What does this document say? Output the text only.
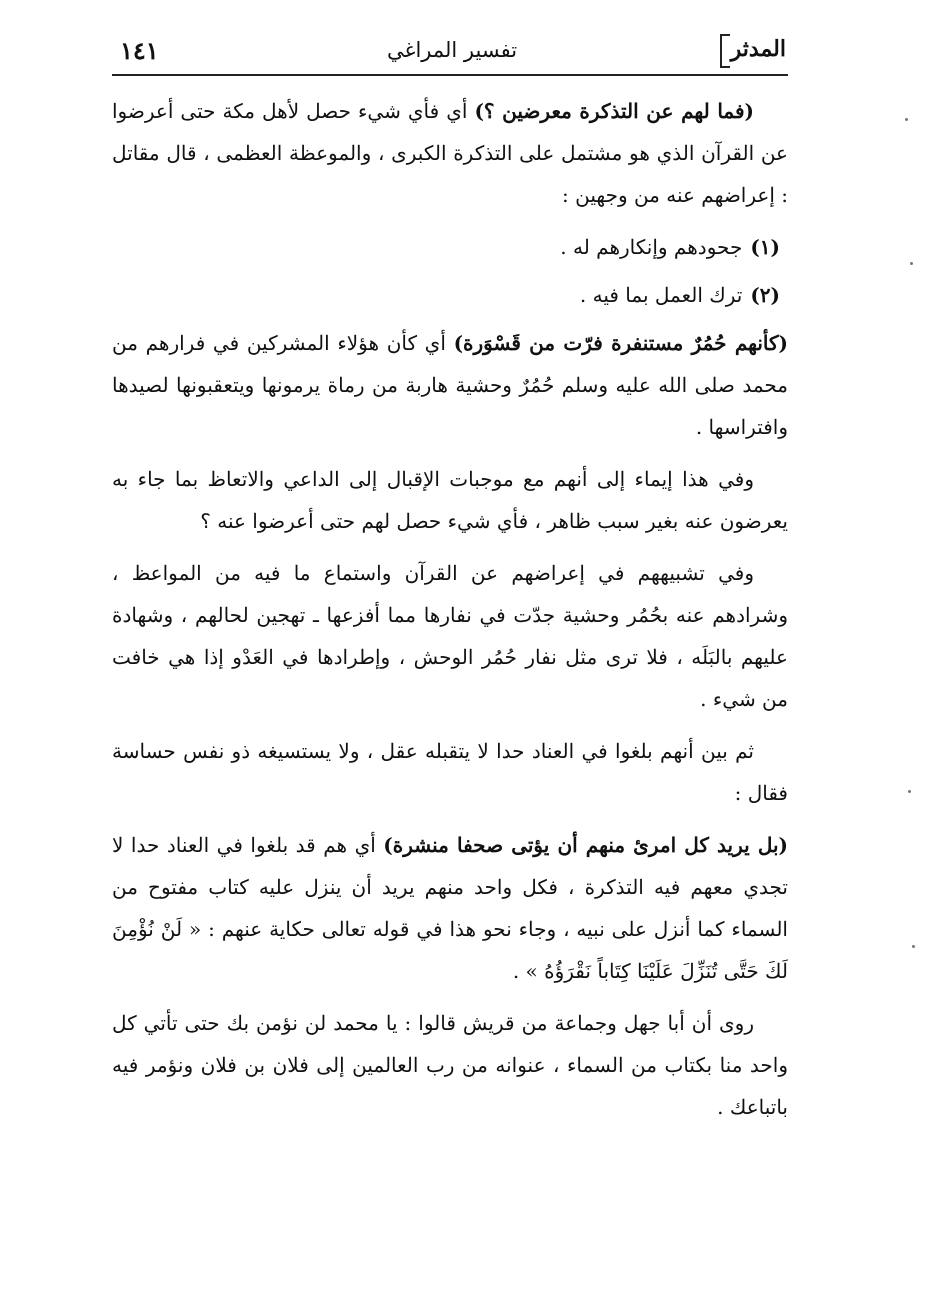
١٤١	تفسير المراغي	المدثر

(فما لهم عن التذكرة معرضين ؟) أي فأي شيء حصل لأهل مكة حتى أعرضوا عن القرآن الذي هو مشتمل على التذكرة الكبرى ، والموعظة العظمى ، قال مقاتل : إعراضهم عنه من وجهين :

(١)جحودهم وإنكارهم له .

(٢)ترك العمل بما فيه .

(كأنهم حُمُرٌ مستنفرة فرّت من قَسْوَرة) أي كأن هؤلاء المشركين في فرارهم من محمد صلى الله عليه وسلم حُمُرٌ وحشية هاربة من رماة يرمونها ويتعقبونها لصيدها وافتراسها .

وفي هذا إيماء إلى أنهم مع موجبات الإقبال إلى الداعي والاتعاظ بما جاء به يعرضون عنه بغير سبب ظاهر ، فأي شيء حصل لهم حتى أعرضوا عنه ؟

وفي تشبيههم في إعراضهم عن القرآن واستماع ما فيه من المواعظ ، وشرادهم عنه بحُمُر وحشية جدّت في نفارها مما أفزعها ـ تهجين لحالهم ، وشهادة عليهم بالبَلَه ، فلا ترى مثل نفار حُمُر الوحش ، وإطرادها في العَدْو إذا هي خافت من شيء .

ثم بين أنهم بلغوا في العناد حدا لا يتقبله عقل ، ولا يستسيغه ذو نفس حساسة فقال :

(بل يريد كل امرئ منهم أن يؤتى صحفا منشرة) أي هم قد بلغوا في العناد حدا لا تجدي معهم فيه التذكرة ، فكل واحد منهم يريد أن ينزل عليه كتاب مفتوح من السماء كما أنزل على نبيه ، وجاء نحو هذا في قوله تعالى حكاية عنهم : « لَنْ نُؤْمِنَ لَكَ حَتَّى تُنَزِّلَ عَلَيْنَا كِتَاباً نَقْرَؤُهُ » .

روى أن أبا جهل وجماعة من قريش قالوا : يا محمد لن نؤمن بك حتى تأتي كل واحد منا بكتاب من السماء ، عنوانه من رب العالمين إلى فلان بن فلان ونؤمر فيه باتباعك .
